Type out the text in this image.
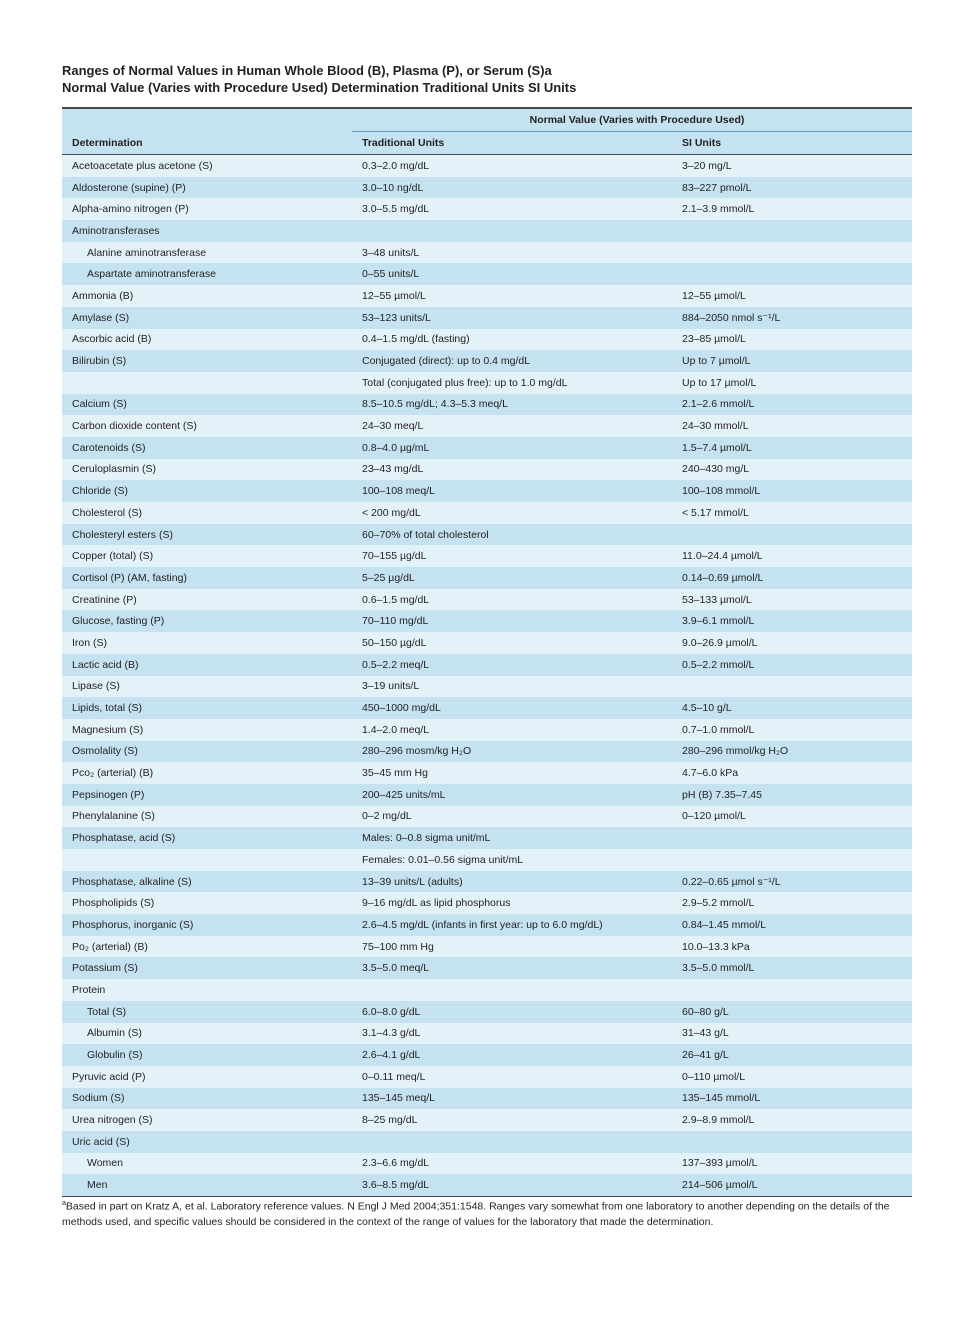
Ranges of Normal Values in Human Whole Blood (B), Plasma (P), or Serum (S)a
Normal Value (Varies with Procedure Used) Determination Traditional Units SI Units
	Normal Value (Varies with Procedure Used)	
Determination	Traditional Units	SI Units
Acetoacetate plus acetone (S)	0.3–2.0 mg/dL	3–20 mg/L
Aldosterone (supine) (P)	3.0–10 ng/dL	83–227 pmol/L
Alpha-amino nitrogen (P)	3.0–5.5 mg/dL	2.1–3.9 mmol/L
Aminotransferases		
Alanine aminotransferase	3–48 units/L	
Aspartate aminotransferase	0–55 units/L	
Ammonia (B)	12–55 µmol/L	12–55 µmol/L
Amylase (S)	53–123 units/L	884–2050 nmol s⁻¹/L
Ascorbic acid (B)	0.4–1.5 mg/dL (fasting)	23–85 µmol/L
Bilirubin (S)	Conjugated (direct): up to 0.4 mg/dL	Up to 7 µmol/L
	Total (conjugated plus free): up to 1.0 mg/dL	Up to 17 µmol/L
Calcium (S)	8.5–10.5 mg/dL; 4.3–5.3 meq/L	2.1–2.6 mmol/L
Carbon dioxide content (S)	24–30 meq/L	24–30 mmol/L
Carotenoids (S)	0.8–4.0 µg/mL	1.5–7.4 µmol/L
Ceruloplasmin (S)	23–43 mg/dL	240–430 mg/L
Chloride (S)	100–108 meq/L	100–108 mmol/L
Cholesterol (S)	< 200 mg/dL	< 5.17 mmol/L
Cholesteryl esters (S)	60–70% of total cholesterol	
Copper (total) (S)	70–155 µg/dL	11.0–24.4 µmol/L
Cortisol (P) (AM, fasting)	5–25 µg/dL	0.14–0.69 µmol/L
Creatinine (P)	0.6–1.5 mg/dL	53–133 µmol/L
Glucose, fasting (P)	70–110 mg/dL	3.9–6.1 mmol/L
Iron (S)	50–150 µg/dL	9.0–26.9 µmol/L
Lactic acid (B)	0.5–2.2 meq/L	0.5–2.2 mmol/L
Lipase (S)	3–19 units/L	
Lipids, total (S)	450–1000 mg/dL	4.5–10 g/L
Magnesium (S)	1.4–2.0 meq/L	0.7–1.0 mmol/L
Osmolality (S)	280–296 mosm/kg H₂O	280–296 mmol/kg H₂O
Pco₂ (arterial) (B)	35–45 mm Hg	4.7–6.0 kPa
Pepsinogen (P)	200–425 units/mL	pH (B) 7.35–7.45
Phenylalanine (S)	0–2 mg/dL	0–120 µmol/L
Phosphatase, acid (S)	Males: 0–0.8 sigma unit/mL	
	Females: 0.01–0.56 sigma unit/mL	
Phosphatase, alkaline (S)	13–39 units/L (adults)	0.22–0.65 µmol s⁻¹/L
Phospholipids (S)	9–16 mg/dL as lipid phosphorus	2.9–5.2 mmol/L
Phosphorus, inorganic (S)	2.6–4.5 mg/dL (infants in first year: up to 6.0 mg/dL)	0.84–1.45 mmol/L
Po₂ (arterial) (B)	75–100 mm Hg	10.0–13.3 kPa
Potassium (S)	3.5–5.0 meq/L	3.5–5.0 mmol/L
Protein		
Total (S)	6.0–8.0 g/dL	60–80 g/L
Albumin (S)	3.1–4.3 g/dL	31–43 g/L
Globulin (S)	2.6–4.1 g/dL	26–41 g/L
Pyruvic acid (P)	0–0.11 meq/L	0–110 µmol/L
Sodium (S)	135–145 meq/L	135–145 mmol/L
Urea nitrogen (S)	8–25 mg/dL	2.9–8.9 mmol/L
Uric acid (S)		
Women	2.3–6.6 mg/dL	137–393 µmol/L
Men	3.6–8.5 mg/dL	214–506 µmol/L
$^a$Based in part on Kratz A, et al. Laboratory reference values. N Engl J Med 2004;351:1548. Ranges vary somewhat from one laboratory to another depending on the details of the methods used, and specific values should be considered in the context of the range of values for the laboratory that made the determination.
